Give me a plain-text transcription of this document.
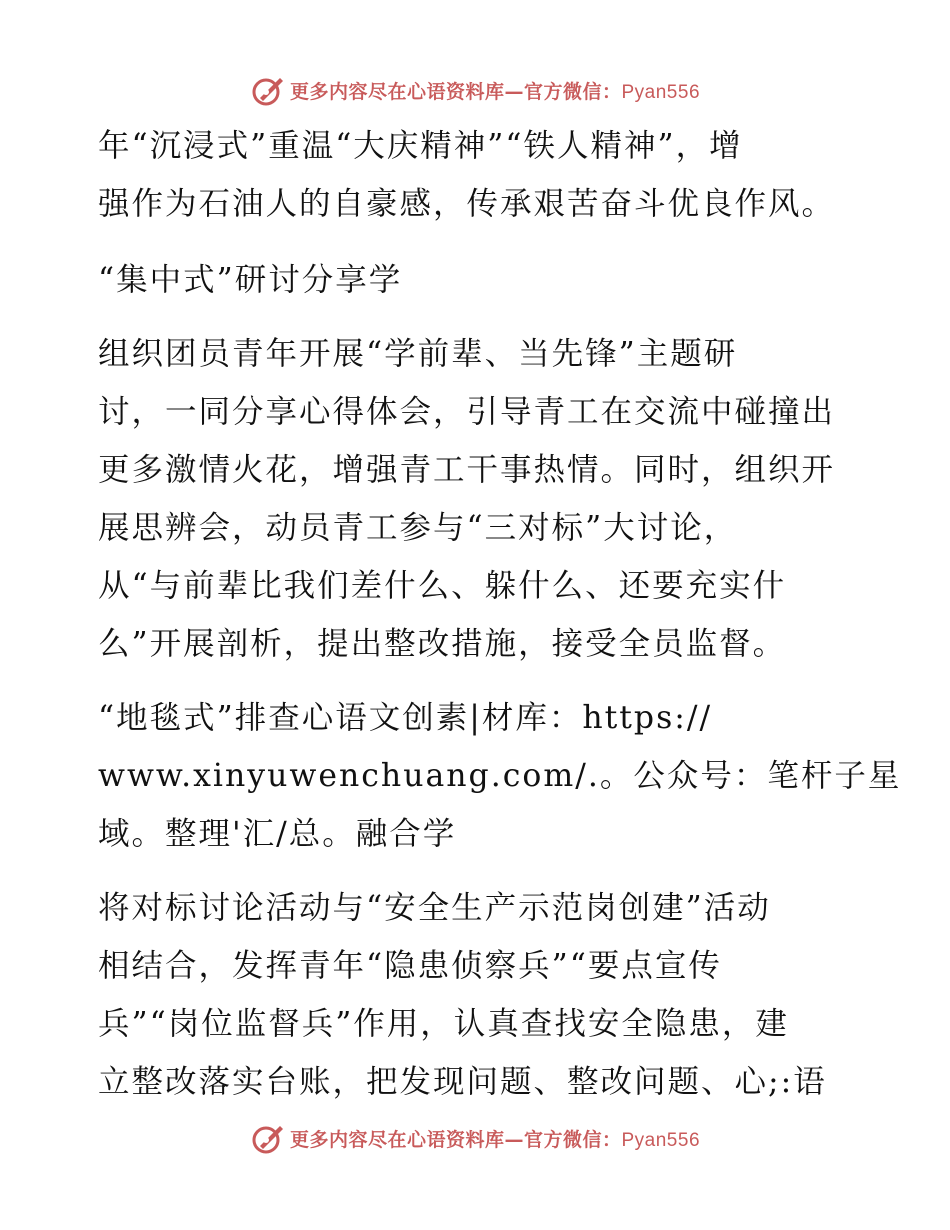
更多内容尽在心语资料库—官方微信：Pyan556
年“沉浸式”重温“大庆精神”“铁人精神”，增
强作为石油人的自豪感，传承艰苦奋斗优良作风。
“集中式”研讨分享学
组织团员青年开展“学前辈、当先锋”主题研
讨，一同分享心得体会，引导青工在交流中碰撞出
更多激情火花，增强青工干事热情。同时，组织开
展思辨会，动员青工参与“三对标”大讨论，
从“与前辈比我们差什么、躲什么、还要充实什
么”开展剖析，提出整改措施，接受全员监督。
“地毯式”排查心语文创素|材库：https://
www.xinyuwenchuang.com/.。公众号：笔杆子星
域。整理'汇/总。融合学
将对标讨论活动与“安全生产示范岗创建”活动
相结合，发挥青年“隐患侦察兵”“要点宣传
兵”“岗位监督兵”作用，认真查找安全隐患，建
立整改落实台账，把发现问题、整改问题、心;:语
更多内容尽在心语资料库—官方微信：Pyan556
